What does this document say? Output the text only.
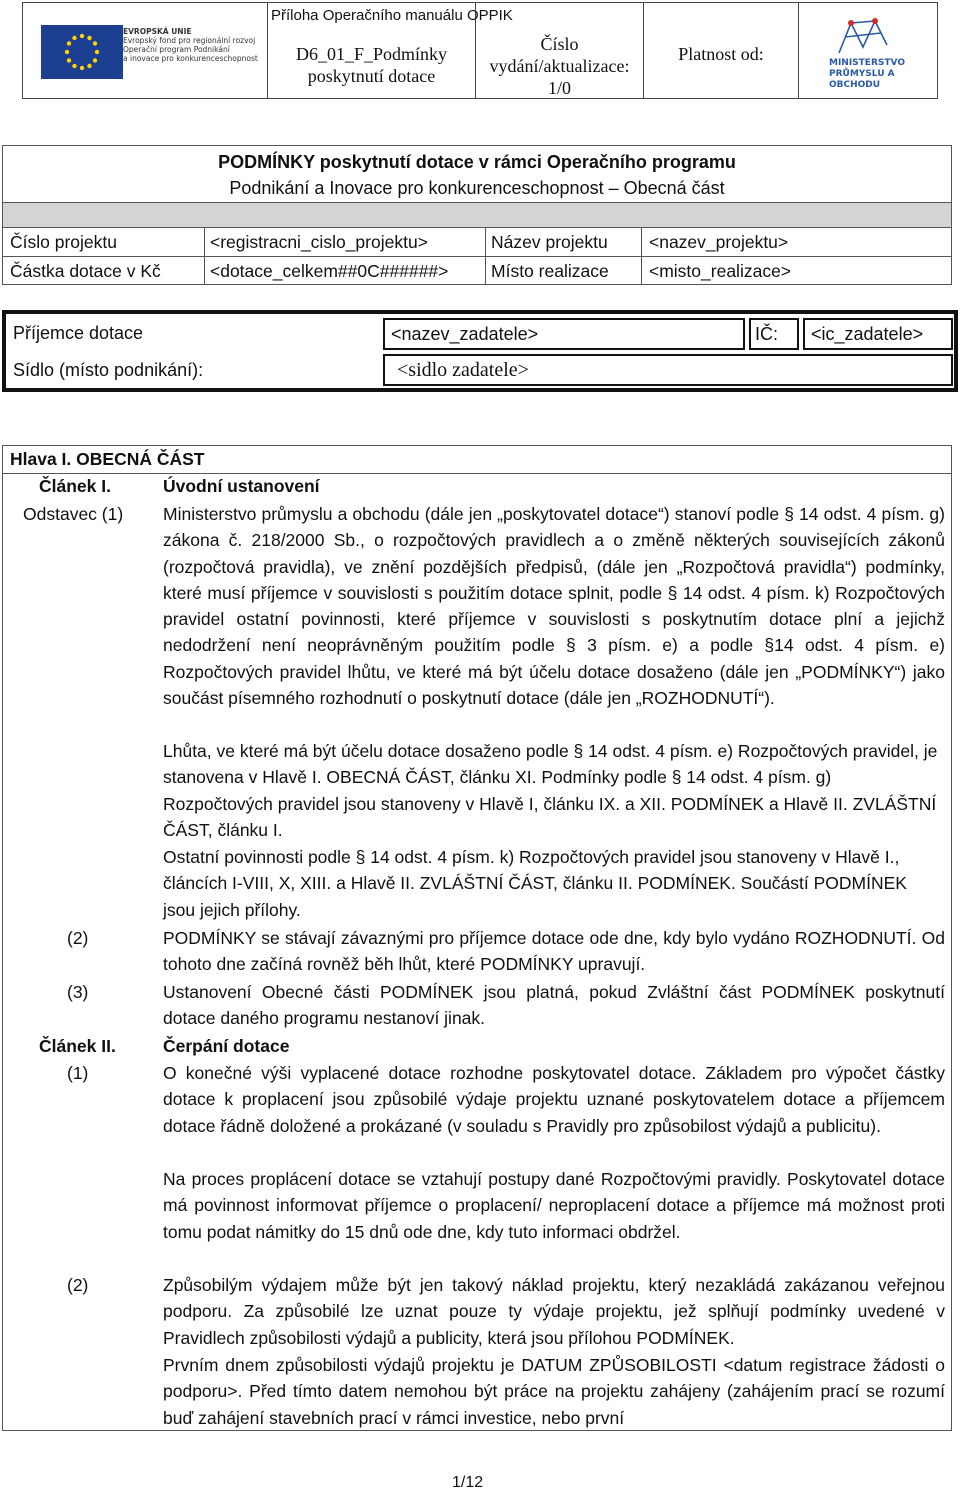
EVROPSKÁ UNIE
Evropský fond pro regionální rozvoj
Operační program Podnikání
a inovace pro konkurenceschopnost	D6_01_F_Podmínky
poskytnutí dotace
Číslo
vydání/aktualizace:
1/0
Platnost od:	MINISTERSTVO
PRŮMYSLU A OBCHODU
Příloha Operačního manuálu OPPIK
PODMÍNKY poskytnutí dotace v rámci Operačního programu
Podnikání a Inovace pro konkurenceschopnost – Obecná část
Číslo projektu	<registracni_cislo_projektu>	Název projektu <nazev_projektu>
Částka dotace v Kč	<dotace_celkem##0C######> Místo realizace <misto_realizace>
Příjemce dotace	<nazev_zadatele>	IČ: <ic_zadatele>
Sídlo (místo podnikání):	<sidlo zadatele>
Hlava I. OBECNÁ ČÁST
Článek I.	Úvodní ustanovení
Odstavec (1) Ministerstvo průmyslu a obchodu (dále jen „poskytovatel dotace“) stanoví podle § 14 odst. 4 písm. g) zákona č. 218/2000 Sb., o rozpočtových pravidlech a o změně některých souvisejících zákonů (rozpočtová pravidla), ve znění pozdějších předpisů, (dále jen „Rozpočtová pravidla“) podmínky, které musí příjemce v souvislosti s použitím dotace splnit, podle § 14 odst. 4 písm. k) Rozpočtových pravidel ostatní povinnosti, které příjemce v souvislosti s poskytnutím dotace plní a jejichž nedodržení není neoprávněným použitím podle § 3 písm. e) a podle §14 odst. 4 písm. e) Rozpočtových pravidel lhůtu, ve které má být účelu dotace dosaženo (dále jen „PODMÍNKY“) jako součást písemného rozhodnutí o poskytnutí dotace (dále jen „ROZHODNUTÍ“).
Lhůta, ve které má být účelu dotace dosaženo podle § 14 odst. 4 písm. e) Rozpočtových pravidel, je stanovena v Hlavě I. OBECNÁ ČÁST, článku XI. Podmínky podle § 14 odst. 4 písm. g) Rozpočtových pravidel jsou stanoveny v Hlavě I, článku IX. a XII. PODMÍNEK a Hlavě II. ZVLÁŠTNÍ ČÁST, článku I.
Ostatní povinnosti podle § 14 odst. 4 písm. k) Rozpočtových pravidel jsou stanoveny v Hlavě I., článcích I-VIII, X, XIII. a Hlavě II. ZVLÁŠTNÍ ČÁST, článku II. PODMÍNEK. Součástí PODMÍNEK jsou jejich přílohy.
(2)	PODMÍNKY se stávají závaznými pro příjemce dotace ode dne, kdy bylo vydáno ROZHODNUTÍ. Od tohoto dne začíná rovněž běh lhůt, které PODMÍNKY upravují.
(3)	Ustanovení Obecné části PODMÍNEK jsou platná, pokud Zvláštní část PODMÍNEK poskytnutí dotace daného programu nestanoví jinak.
Článek II.	Čerpání dotace
(1)	O konečné výši vyplacené dotace rozhodne poskytovatel dotace. Základem pro výpočet částky dotace k proplacení jsou způsobilé výdaje projektu uznané poskytovatelem dotace a příjemcem dotace řádně doložené a prokázané (v souladu s Pravidly pro způsobilost výdajů a publicitu).
Na proces proplácení dotace se vztahují postupy dané Rozpočtovými pravidly. Poskytovatel dotace má povinnost informovat příjemce o proplacení/ neproplacení dotace a příjemce má možnost proti tomu podat námitky do 15 dnů ode dne, kdy tuto informaci obdržel.
(2)	Způsobilým výdajem může být jen takový náklad projektu, který nezakládá zakázanou veřejnou podporu. Za způsobilé lze uznat pouze ty výdaje projektu, jež splňují podmínky uvedené v Pravidlech způsobilosti výdajů a publicity, která jsou přílohou PODMÍNEK.
Prvním dnem způsobilosti výdajů projektu je DATUM ZPŮSOBILOSTI <datum registrace žádosti o podporu>. Před tímto datem nemohou být práce na projektu zahájeny (zahájením prací se rozumí buď zahájení stavebních prací v rámci investice, nebo první
1/12
